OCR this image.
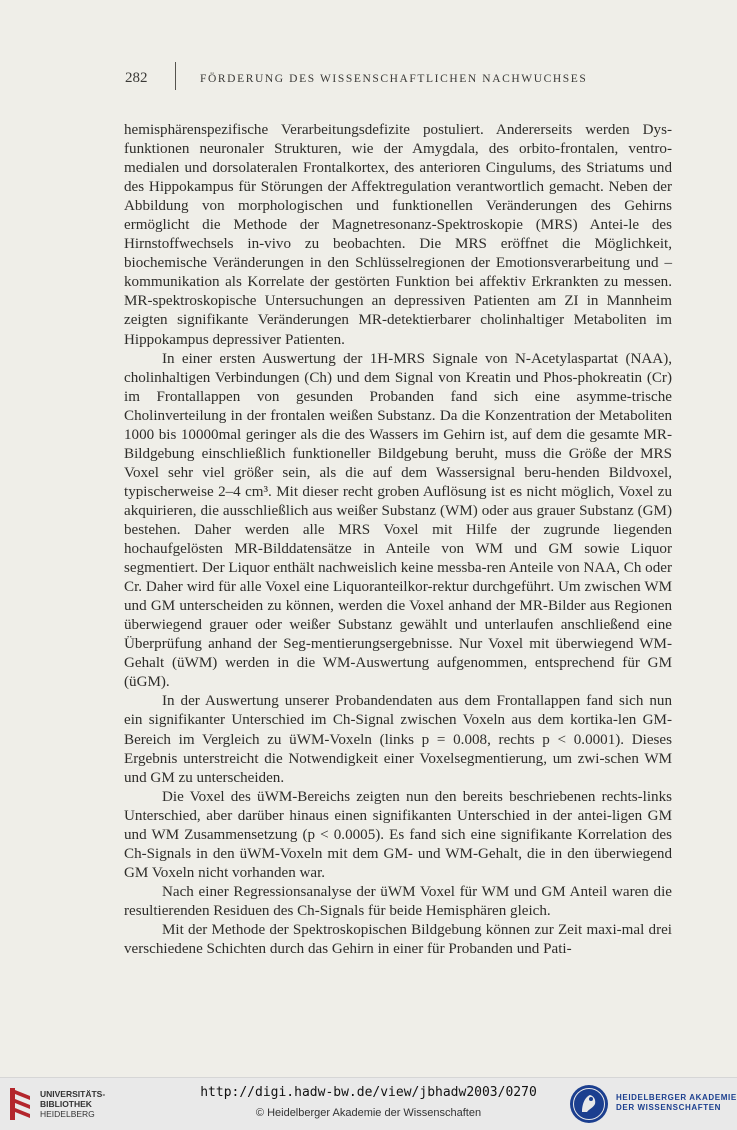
282	FÖRDERUNG DES WISSENSCHAFTLICHEN NACHWUCHSES

hemisphärenspezifische Verarbeitungsdefizite postuliert. Andererseits werden Dys-funktionen neuronaler Strukturen, wie der Amygdala, des orbito-frontalen, ventro-medialen und dorsolateralen Frontalkortex, des anterioren Cingulums, des Striatums und des Hippokampus für Störungen der Affektregulation verantwortlich gemacht. Neben der Abbildung von morphologischen und funktionellen Veränderungen des Gehirns ermöglicht die Methode der Magnetresonanz-Spektroskopie (MRS) Antei-le des Hirnstoffwechsels in-vivo zu beobachten. Die MRS eröffnet die Möglichkeit, biochemische Veränderungen in den Schlüsselregionen der Emotionsverarbeitung und – kommunikation als Korrelate der gestörten Funktion bei affektiv Erkrankten zu messen. MR-spektroskopische Untersuchungen an depressiven Patienten am ZI in Mannheim zeigten signifikante Veränderungen MR-detektierbarer cholinhaltiger Metaboliten im Hippokampus depressiver Patienten.

In einer ersten Auswertung der 1H-MRS Signale von N-Acetylaspartat (NAA), cholinhaltigen Verbindungen (Ch) und dem Signal von Kreatin und Phos-phokreatin (Cr) im Frontallappen von gesunden Probanden fand sich eine asymme-trische Cholinverteilung in der frontalen weißen Substanz. Da die Konzentration der Metaboliten 1000 bis 10000mal geringer als die des Wassers im Gehirn ist, auf dem die gesamte MR-Bildgebung einschließlich funktioneller Bildgebung beruht, muss die Größe der MRS Voxel sehr viel größer sein, als die auf dem Wassersignal beru-henden Bildvoxel, typischerweise 2–4 cm³. Mit dieser recht groben Auflösung ist es nicht möglich, Voxel zu akquirieren, die ausschließlich aus weißer Substanz (WM) oder aus grauer Substanz (GM) bestehen. Daher werden alle MRS Voxel mit Hilfe der zugrunde liegenden hochaufgelösten MR-Bilddatensätze in Anteile von WM und GM sowie Liquor segmentiert. Der Liquor enthält nachweislich keine messba-ren Anteile von NAA, Ch oder Cr. Daher wird für alle Voxel eine Liquoranteilkor-rektur durchgeführt. Um zwischen WM und GM unterscheiden zu können, werden die Voxel anhand der MR-Bilder aus Regionen überwiegend grauer oder weißer Substanz gewählt und unterlaufen anschließend eine Überprüfung anhand der Seg-mentierungsergebnisse. Nur Voxel mit überwiegend WM-Gehalt (üWM) werden in die WM-Auswertung aufgenommen, entsprechend für GM (üGM).

In der Auswertung unserer Probandendaten aus dem Frontallappen fand sich nun ein signifikanter Unterschied im Ch-Signal zwischen Voxeln aus dem kortika-len GM-Bereich im Vergleich zu üWM-Voxeln (links p = 0.008, rechts p < 0.0001). Dieses Ergebnis unterstreicht die Notwendigkeit einer Voxelsegmentierung, um zwi-schen WM und GM zu unterscheiden.

Die Voxel des üWM-Bereichs zeigten nun den bereits beschriebenen rechts-links Unterschied, aber darüber hinaus einen signifikanten Unterschied in der antei-ligen GM und WM Zusammensetzung (p < 0.0005). Es fand sich eine signifikante Korrelation des Ch-Signals in den üWM-Voxeln mit dem GM- und WM-Gehalt, die in den überwiegend GM Voxeln nicht vorhanden war.

Nach einer Regressionsanalyse der üWM Voxel für WM und GM Anteil waren die resultierenden Residuen des Ch-Signals für beide Hemisphären gleich.

Mit der Methode der Spektroskopischen Bildgebung können zur Zeit maxi-mal drei verschiedene Schichten durch das Gehirn in einer für Probanden und Pati-

UNIVERSITÄTS-
BIBLIOTHEK
HEIDELBERG
http://digi.hadw-bw.de/view/jbhadw2003/0270
© Heidelberger Akademie der Wissenschaften
HEIDELBERGER AKADEMIE
DER WISSENSCHAFTEN
